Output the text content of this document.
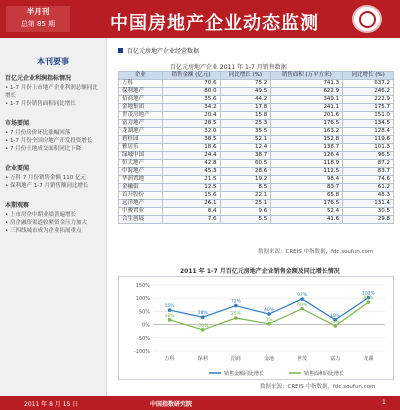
半月刊
总第 85 期	中国房地产企业动态监测
本刊要事
百亿元企业利润指标情况
• 1-7 月份上市地产企业利润总额同比增长
• 1-7 月份销售面积同比增长
市场要闻
• 7 月份房价环比涨幅回落
• 1-7 月份全国房地产开发投资增长
• 7 月份土地成交面积同比下降
企业要闻
• 万科 7 月份销售金额 110 亿元
• 保利地产 1-7 月销售额同比增长
本期观察
• 上市房企中期业绩普遍增长
• 房企融资渠道收紧资金压力加大
• 三四线城市成为企业拓展重点
百亿元房地产企业经营数据
百亿元房地产企业 2011 年 1-7 月销售数据
企业	销售金额 (亿元)	同比增长 (%)	销售面积 (万平方米)	同比增长 (%)
万科	70.6	75.2	741.3	637.2
保利地产	80.0	49.5	622.9	246.2
招商地产	35.6	44.2	349.1	222.9
金地集团	34.2	17.8	241.1	175.7
世茂房地产	20.4	15.8	201.6	151.0
富力地产	28.5	25.3	176.5	134.5
龙湖地产	32.0	35.5	163.2	128.4
碧桂园	38.5	52.1	152.8	119.6
雅居乐	18.6	12.4	138.7	101.3
绿城中国	24.4	38.7	126.4	96.5
恒大地产	42.8	60.5	118.9	87.2
中海地产	45.3	28.6	112.5	83.7
华润置地	21.5	19.2	98.4	74.6
金融街	12.5	8.5	83.7	61.2
首开股份	15.6	22.1	65.8	48.3
远洋地产	26.1	25.1	176.5	131.4
中骏置业	8.4	9.6	52.4	30.5
合生创展	7.6	5.5	41.6	29.8
数据来源：CREIS 中指数据，fdc.soufun.com
2011 年 1-7 月百亿元房地产企业销售金额及同比增长情况
-100%
-50%
0%
50%
100%
150%
万科	保利	招商	金地	世茂	富力	龙湖
55%
28%
72%
40%
97%
18%
102%
销售金额同比增长
18%
-20%
25%
3%
60%
-5%
85%
销售面积同比增长
数据来源：CREIS 中指数据，fdc.soufun.com
2011 年 8 月 15 日	中国指数研究院	1
